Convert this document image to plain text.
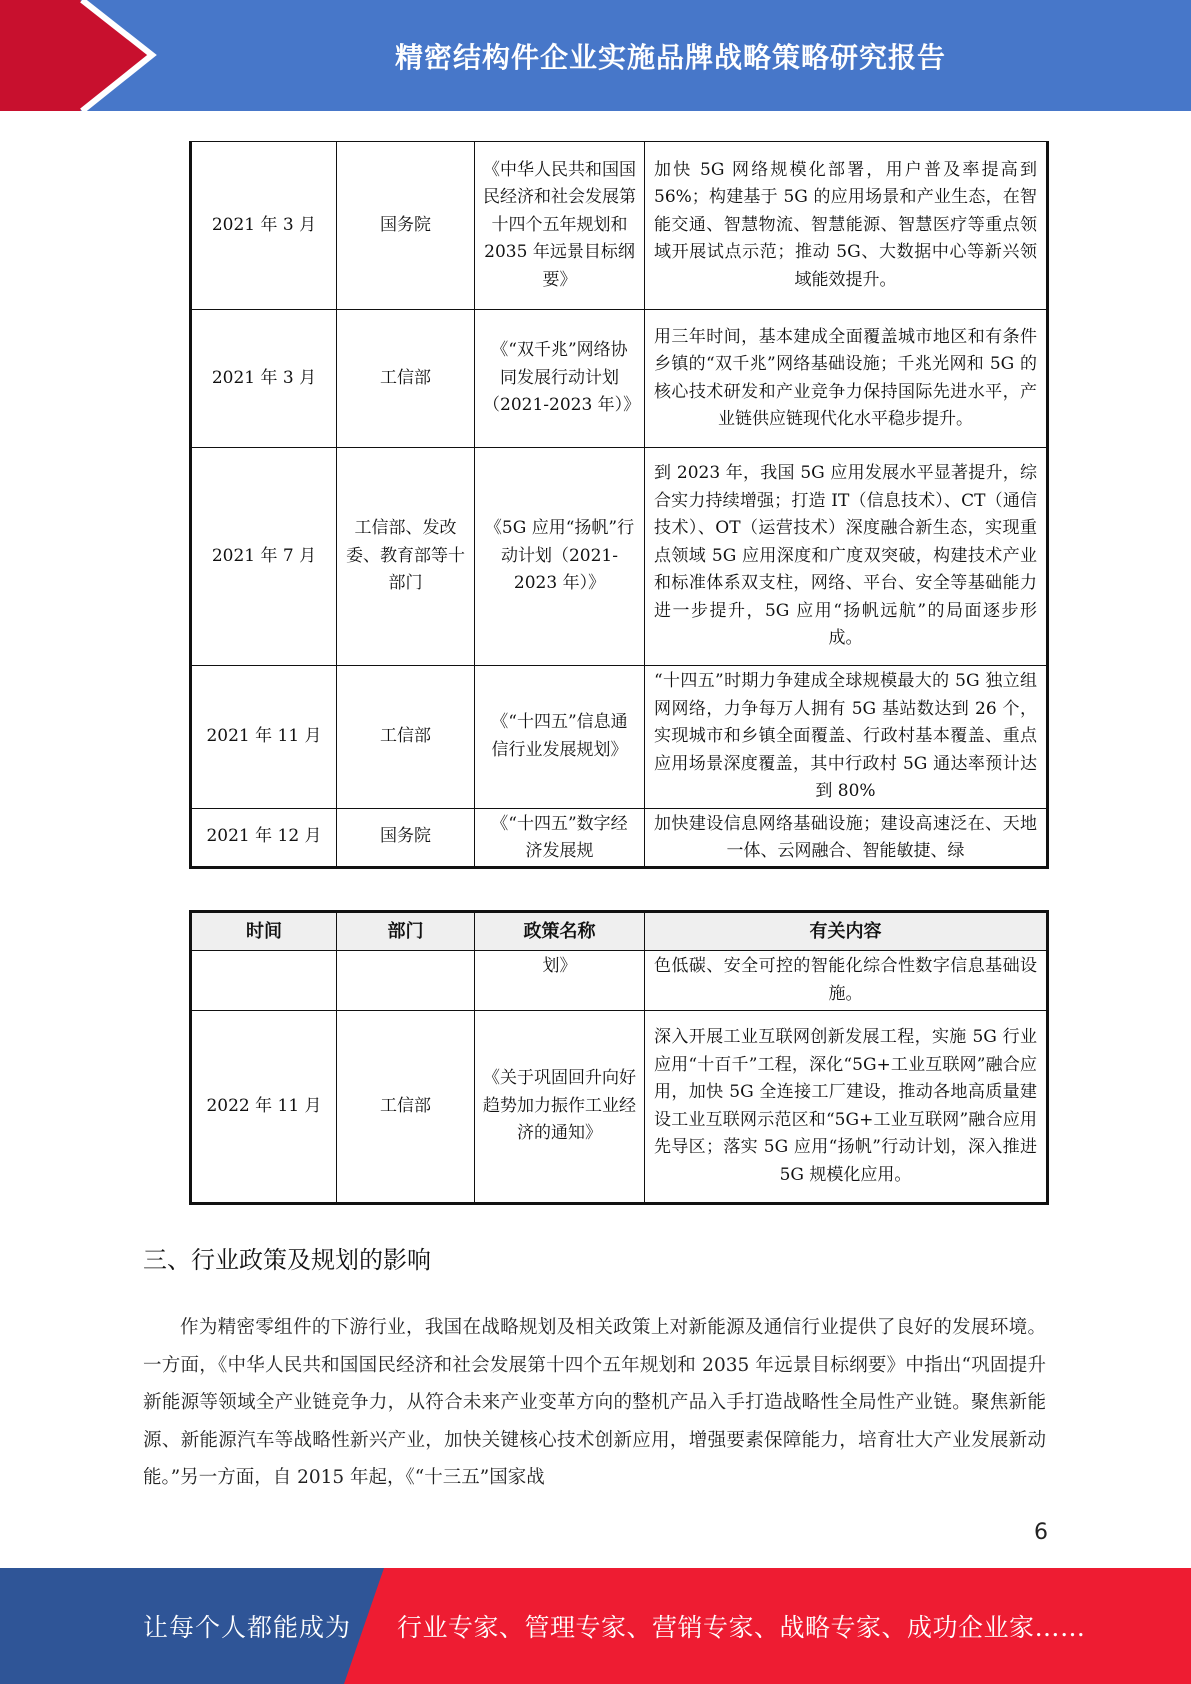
精密结构件企业实施品牌战略策略研究报告
2021 年 3 月	国务院	《中华人民共和国国民经济和社会发展第十四个五年规划和2035 年远景目标纲要》	加快 5G 网络规模化部署，用户普及率提高到 56%；构建基于 5G 的应用场景和产业生态，在智能交通、智慧物流、智慧能源、智慧医疗等重点领域开展试点示范；推动 5G、大数据中心等新兴领域能效提升。
2021 年 3 月	工信部	《“双千兆”网络协同发展行动计划（2021-2023 年）》	用三年时间，基本建成全面覆盖城市地区和有条件乡镇的“双千兆”网络基础设施；千兆光网和 5G 的核心技术研发和产业竞争力保持国际先进水平，产业链供应链现代化水平稳步提升。
2021 年 7 月	工信部、发改委、教育部等十部门	《5G 应用“扬帆”行动计划（2021-2023 年）》	到 2023 年，我国 5G 应用发展水平显著提升，综合实力持续增强；打造 IT（信息技术）、CT（通信技术）、OT（运营技术）深度融合新生态，实现重点领域 5G 应用深度和广度双突破，构建技术产业和标准体系双支柱，网络、平台、安全等基础能力进一步提升，5G 应用“扬帆远航”的局面逐步形成。
2021 年 11 月	工信部	《“十四五”信息通信行业发展规划》	“十四五”时期力争建成全球规模最大的 5G 独立组网网络，力争每万人拥有 5G 基站数达到 26 个，实现城市和乡镇全面覆盖、行政村基本覆盖、重点应用场景深度覆盖，其中行政村 5G 通达率预计达到 80%
2021 年 12 月	国务院	《“十四五”数字经济发展规	加快建设信息网络基础设施；建设高速泛在、天地一体、云网融合、智能敏捷、绿
时间	部门	政策名称	有关内容
		划》	色低碳、安全可控的智能化综合性数字信息基础设施。
2022 年 11 月	工信部	《关于巩固回升向好趋势加力振作工业经济的通知》	深入开展工业互联网创新发展工程，实施 5G 行业应用“十百千”工程，深化“5G+工业互联网”融合应用，加快 5G 全连接工厂建设，推动各地高质量建设工业互联网示范区和“5G+工业互联网”融合应用先导区；落实 5G 应用“扬帆”行动计划，深入推进 5G 规模化应用。
三、行业政策及规划的影响

作为精密零组件的下游行业，我国在战略规划及相关政策上对新能源及通信行业提供了良好的发展环境。一方面，《中华人民共和国国民经济和社会发展第十四个五年规划和 2035 年远景目标纲要》中指出“巩固提升新能源等领域全产业链竞争力，从符合未来产业变革方向的整机产品入手打造战略性全局性产业链。聚焦新能源、新能源汽车等战略性新兴产业，加快关键核心技术创新应用，增强要素保障能力，培育壮大产业发展新动能。”另一方面，自 2015 年起，《“十三五”国家战

6
让每个人都能成为 行业专家、管理专家、营销专家、战略专家、成功企业家……
